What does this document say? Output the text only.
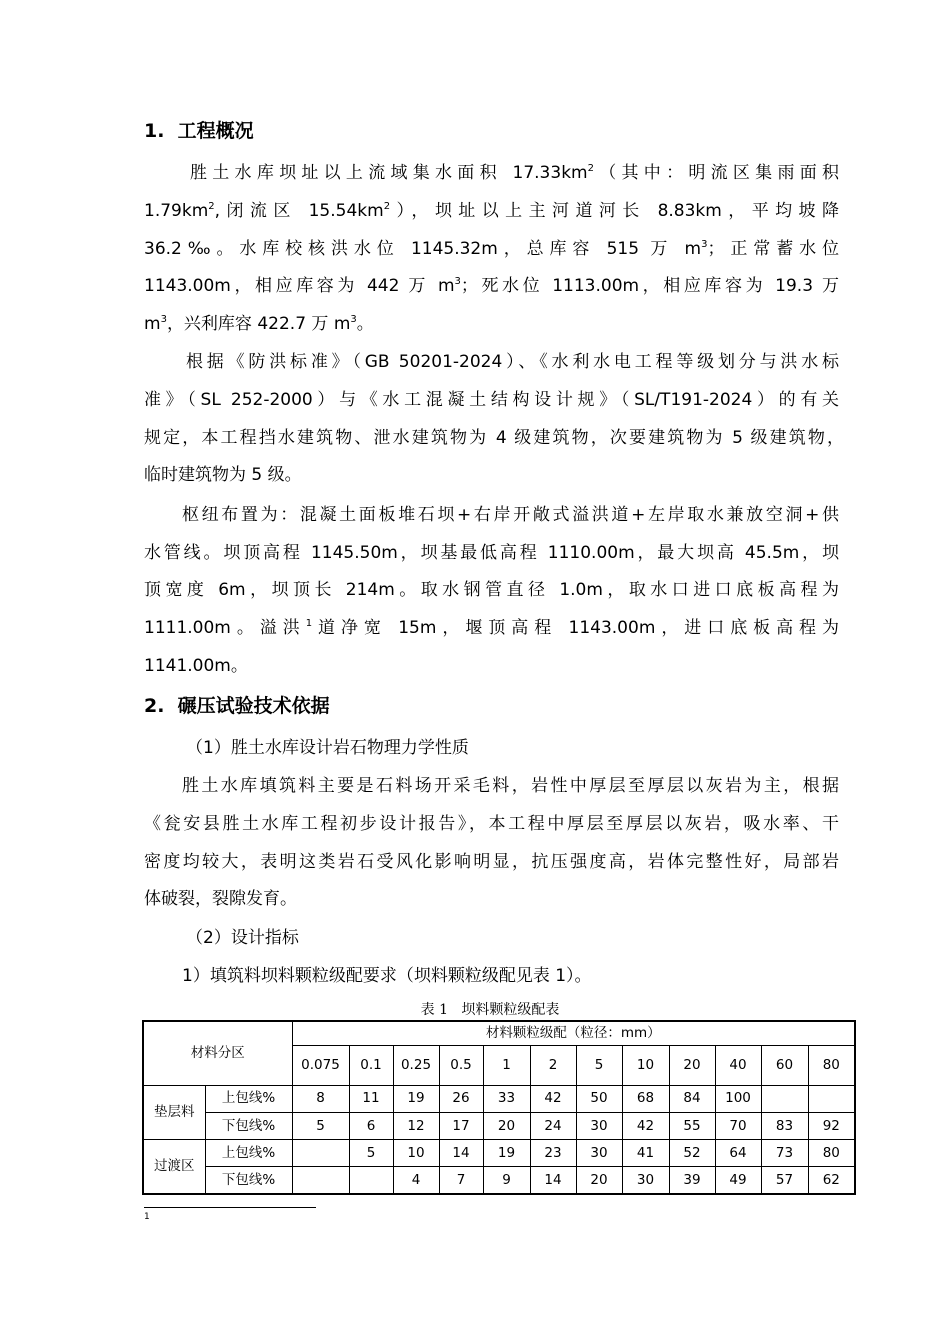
1.  工程概况
胜土水库坝址以上流域集水面积 $17.33km^2$（其中：明流区集雨面积
$1.79km^2$,闭流区 $15.54km^2$），坝址以上主河道河长 8.83km，平均坡降
36.2‰。水库校核洪水位 1145.32m，总库容 515 万 $m^3$；正常蓄水位
1143.00m，相应库容为 442 万 $m^3$；死水位 1113.00m，相应库容为 19.3 万
$m^3$，兴利库容 422.7 万 $m^3$。
根据《防洪标准》（GB 50201-2024）、《水利水电工程等级划分与洪水标
准》（SL 252-2000）与《水工混凝土结构设计规》（SL/T191-2024）的有关
规定，本工程挡水建筑物、泄水建筑物为 4 级建筑物，次要建筑物为 5 级建筑物，
临时建筑物为 5 级。
枢纽布置为：混凝土面板堆石坝+右岸开敞式溢洪道+左岸取水兼放空洞+供
水管线。坝顶高程 1145.50m，坝基最低高程 1110.00m，最大坝高 45.5m，坝
顶宽度 6m，坝顶长 214m。取水钢管直径 1.0m，取水口进口底板高程为
1111.00m。溢洪$^1$道净宽 15m，堰顶高程 1143.00m，进口底板高程为
1141.00m。
2.  碾压试验技术依据
（1）胜土水库设计岩石物理力学性质
胜土水库填筑料主要是石料场开采毛料，岩性中厚层至厚层以灰岩为主，根据
《瓮安县胜土水库工程初步设计报告》，本工程中厚层至厚层以灰岩，吸水率、干
密度均较大，表明这类岩石受风化影响明显，抗压强度高，岩体完整性好，局部岩
体破裂，裂隙发育。
（2）设计指标
1）填筑料坝料颗粒级配要求（坝料颗粒级配见表 1）。
表 1   坝料颗粒级配表
材料分区		材料颗粒级配（粒径：mm）											
		0.075	0.1	0.25	0.5	1	2	5	10	20	40	60	80
垫层料	上包线%	8	11	19	26	33	42	50	68	84	100		
	下包线%	5	6	12	17	20	24	30	42	55	70	83	92
过渡区	上包线%		5	10	14	19	23	30	41	52	64	73	80
	下包线%			4	7	9	14	20	30	39	49	57	62
1
